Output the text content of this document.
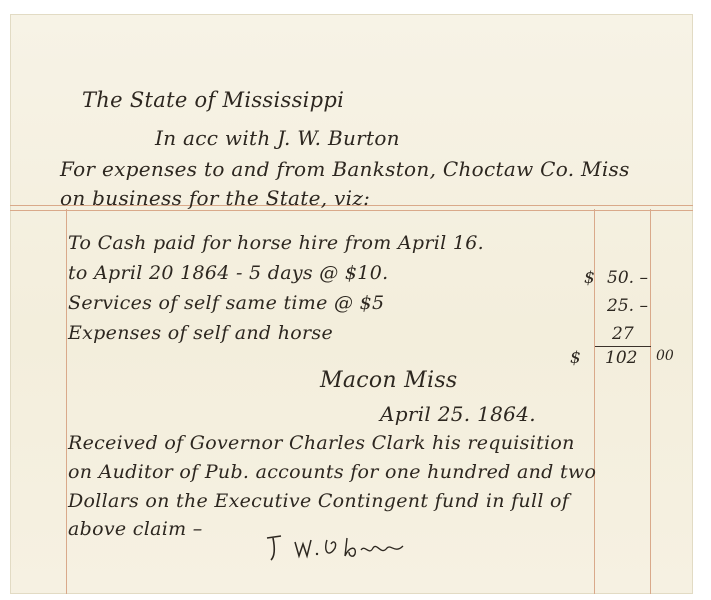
The State of Mississippi
In acc with J. W. Burton
For expenses to and from Bankston, Choctaw Co. Miss
on business for the State, viz:
To Cash paid for horse hire from April 16.
to April 20 1864 - 5 days @ $10.
Services of self same time @ $5
Expenses of self and horse
$ 50. –
25. –
27
$ 102 00
Macon Miss
April 25. 1864.
Received of Governor Charles Clark his requisition
on Auditor of Pub. accounts for one hundred and two
Dollars on the Executive Contingent fund in full of
above claim –
